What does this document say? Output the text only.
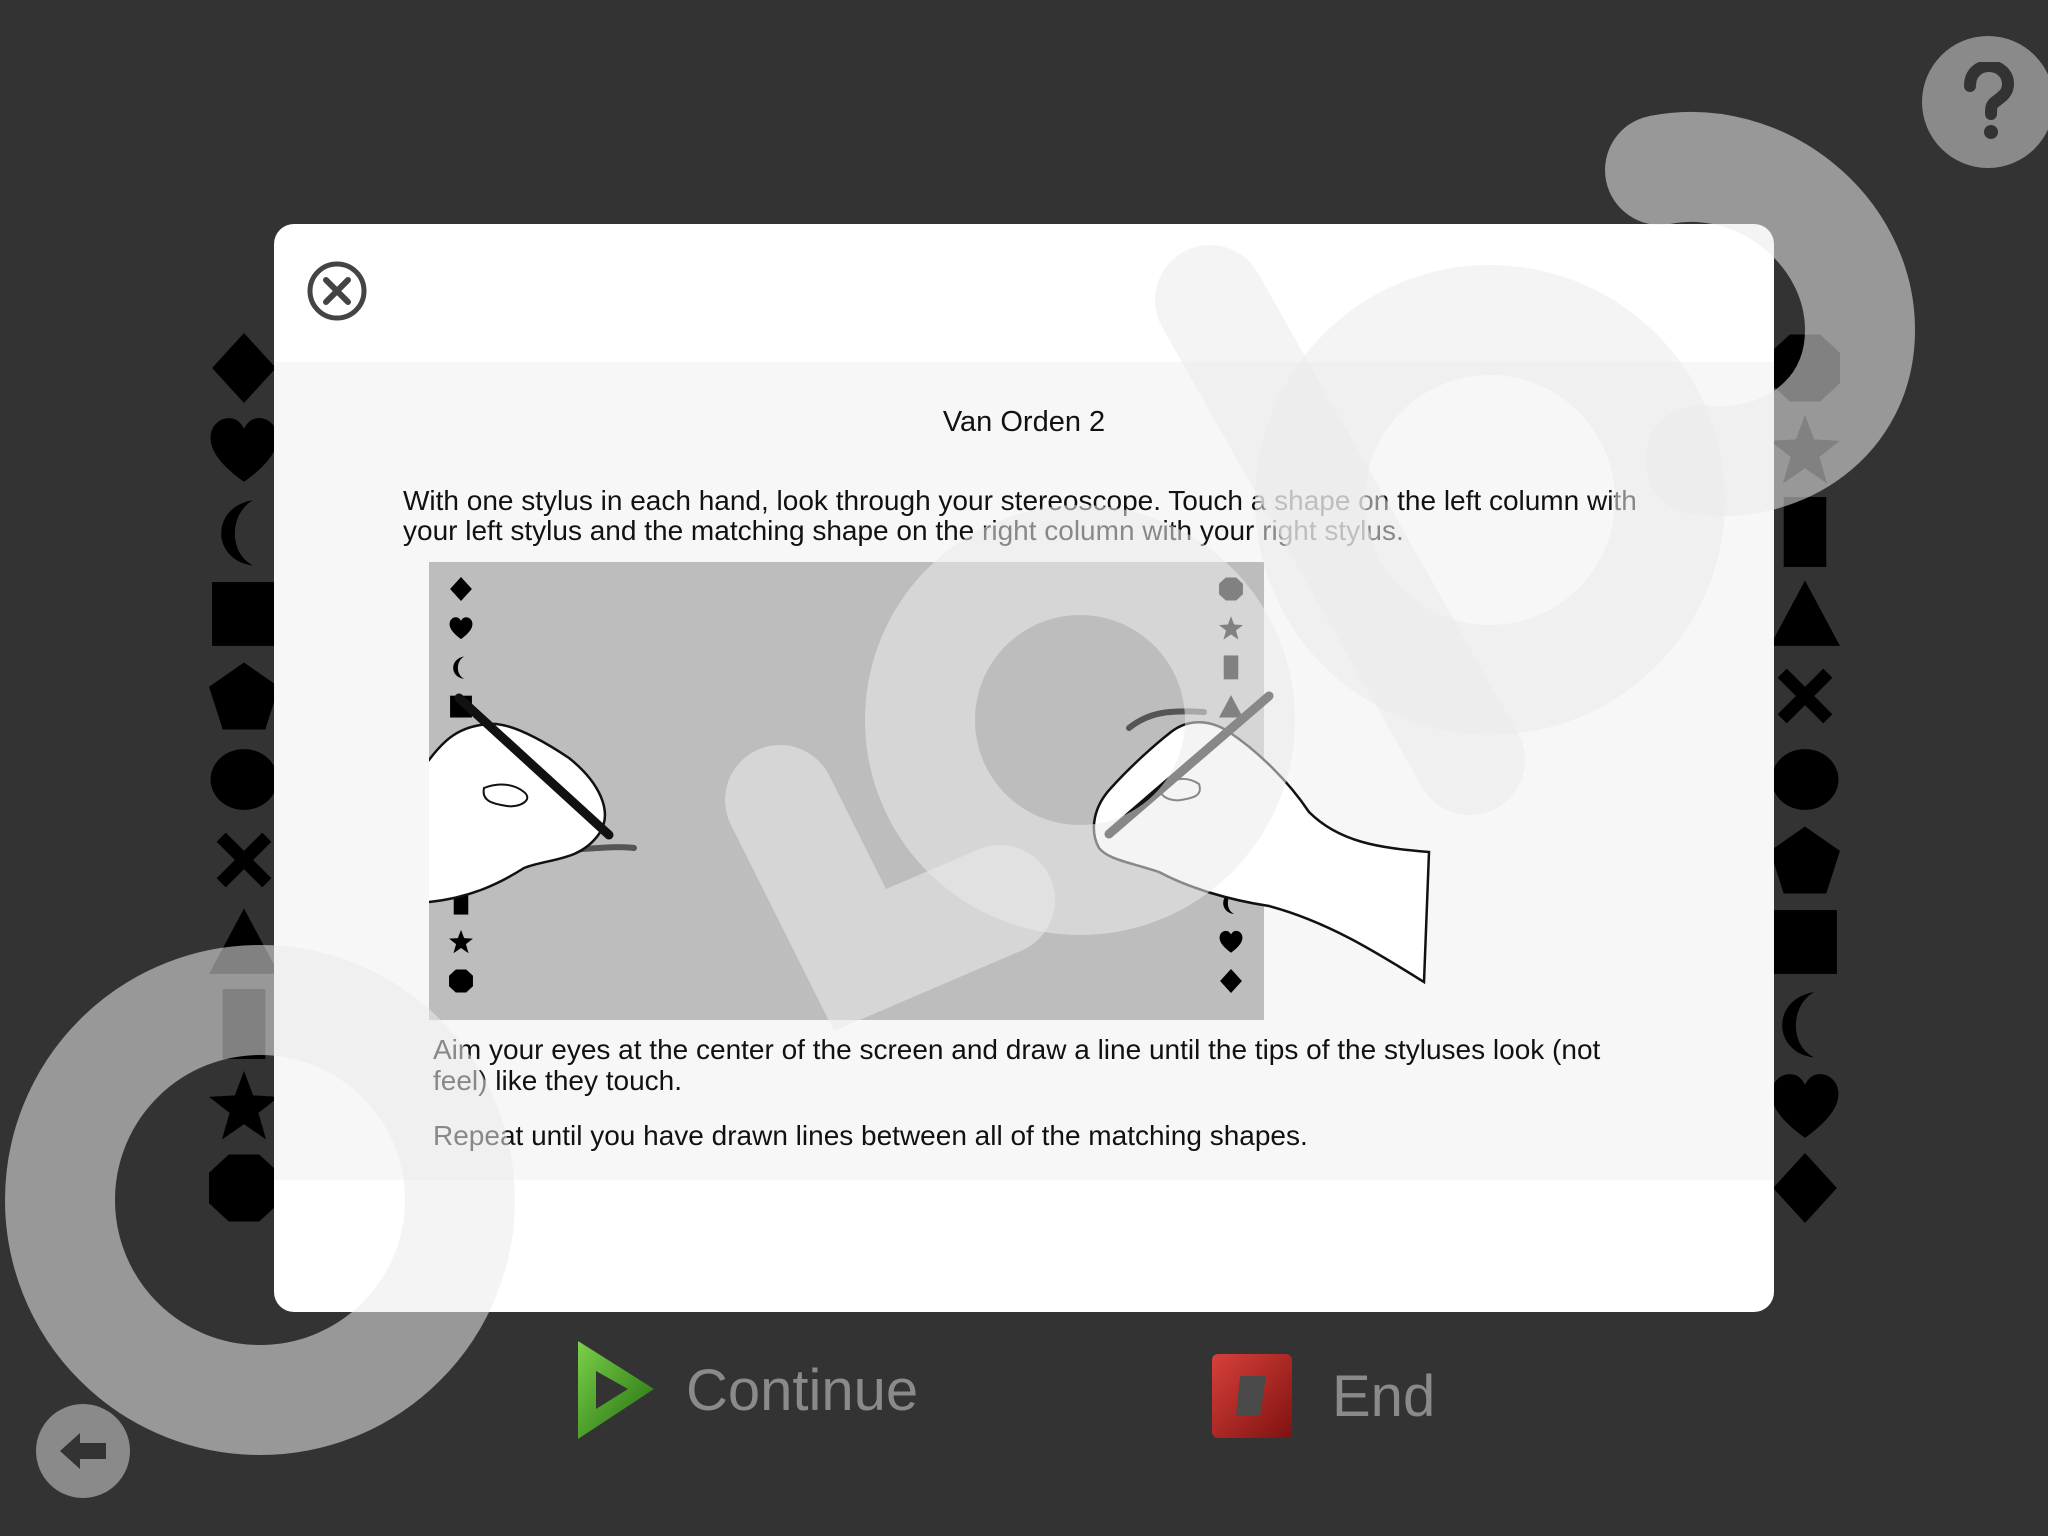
Van Orden 2

With one stylus in each hand, look through your stereoscope. Touch a shape on the left column with your left stylus and the matching shape on the right column with your right stylus.

Aim your eyes at the center of the screen and draw a line until the tips of the styluses look (not feel) like they touch.

Repeat until you have drawn lines between all of the matching shapes.

Continue	End
